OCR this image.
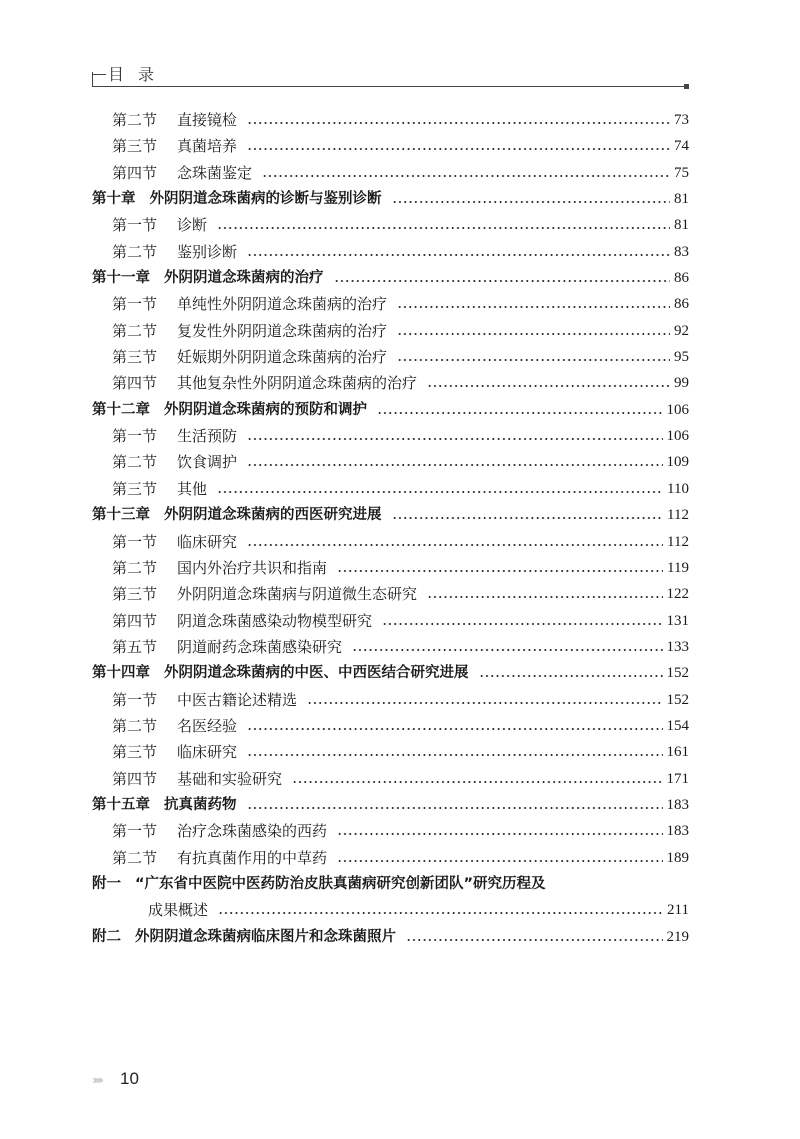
目录
第二节 直接镜检	73
第三节 真菌培养	74
第四节 念珠菌鉴定	75
第十章 外阴阴道念珠菌病的诊断与鉴别诊断	81
第一节 诊断	81
第二节 鉴别诊断	83
第十一章 外阴阴道念珠菌病的治疗	86
第一节 单纯性外阴阴道念珠菌病的治疗	86
第二节 复发性外阴阴道念珠菌病的治疗	92
第三节 妊娠期外阴阴道念珠菌病的治疗	95
第四节 其他复杂性外阴阴道念珠菌病的治疗	99
第十二章 外阴阴道念珠菌病的预防和调护	106
第一节 生活预防	106
第二节 饮食调护	109
第三节 其他	110
第十三章 外阴阴道念珠菌病的西医研究进展	112
第一节 临床研究	112
第二节 国内外治疗共识和指南	119
第三节 外阴阴道念珠菌病与阴道微生态研究	122
第四节 阴道念珠菌感染动物模型研究	131
第五节 阴道耐药念珠菌感染研究	133
第十四章 外阴阴道念珠菌病的中医、中西医结合研究进展	152
第一节 中医古籍论述精选	152
第二节 名医经验	154
第三节 临床研究	161
第四节 基础和实验研究	171
第十五章 抗真菌药物	183
第一节 治疗念珠菌感染的西药	183
第二节 有抗真菌作用的中草药	189
附一 “广东省中医院中医药防治皮肤真菌病研究创新团队”研究历程及
成果概述	211
附二 外阴阴道念珠菌病临床图片和念珠菌照片	219
››››› 10
